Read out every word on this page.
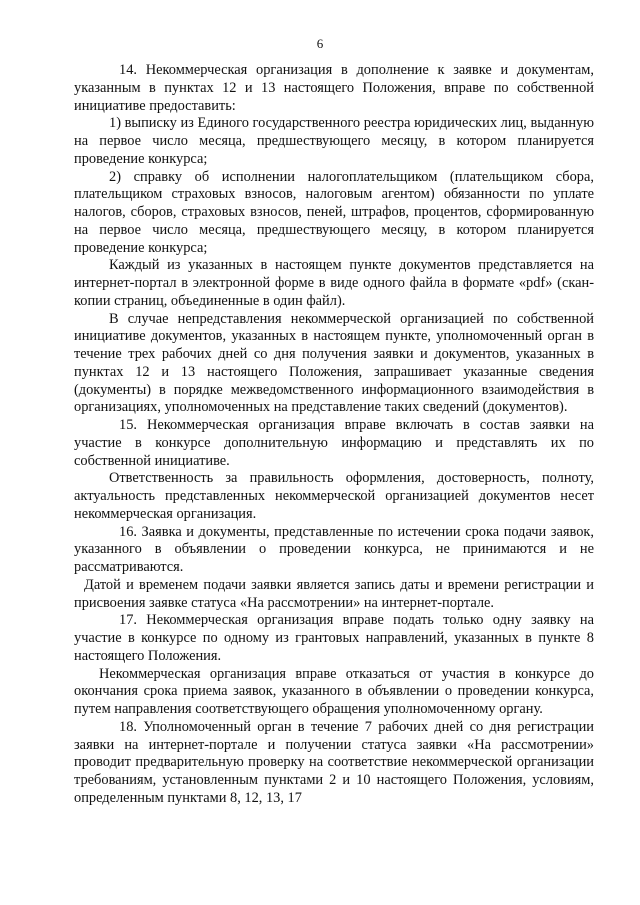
6

14. Некоммерческая организация в дополнение к заявке и документам, указанным в пунктах 12 и 13 настоящего Положения, вправе по собственной инициативе предоставить:

1) выписку из Единого государственного реестра юридических лиц, выданную на первое число месяца, предшествующего месяцу, в котором планируется проведение конкурса;

2) справку об исполнении налогоплательщиком (плательщиком сбора, плательщиком страховых взносов, налоговым агентом) обязанности по уплате налогов, сборов, страховых взносов, пеней, штрафов, процентов, сформированную на первое число месяца, предшествующего месяцу, в котором планируется проведение конкурса;

Каждый из указанных в настоящем пункте документов представляется на интернет-портал в электронной форме в виде одного файла в формате «pdf» (скан-копии страниц, объединенные в один файл).

В случае непредставления некоммерческой организацией по собственной инициативе документов, указанных в настоящем пункте, уполномоченный орган в течение трех рабочих дней со дня получения заявки и документов, указанных в пунктах 12 и 13 настоящего Положения, запрашивает указанные сведения (документы) в порядке межведомственного информационного взаимодействия в организациях, уполномоченных на представление таких сведений (документов).

15. Некоммерческая организация вправе включать в состав заявки на участие в конкурсе дополнительную информацию и представлять их по собственной инициативе.

Ответственность за правильность оформления, достоверность, полноту, актуальность представленных некоммерческой организацией документов несет некоммерческая организация.

16. Заявка и документы, представленные по истечении срока подачи заявок, указанного в объявлении о проведении конкурса, не принимаются и не рассматриваются.

Датой и временем подачи заявки является запись даты и времени регистрации и присвоения заявке статуса «На рассмотрении» на интернет-портале.

17. Некоммерческая организация вправе подать только одну заявку на участие в конкурсе по одному из грантовых направлений, указанных в пункте 8 настоящего Положения.

Некоммерческая организация вправе отказаться от участия в конкурсе до окончания срока приема заявок, указанного в объявлении о проведении конкурса, путем направления соответствующего обращения уполномоченному органу.

18. Уполномоченный орган в течение 7 рабочих дней со дня регистрации заявки на интернет-портале и получении статуса заявки «На рассмотрении» проводит предварительную проверку на соответствие некоммерческой организации требованиям, установленным пунктами 2 и 10 настоящего Положения, условиям, определенным пунктами 8, 12, 13, 17
